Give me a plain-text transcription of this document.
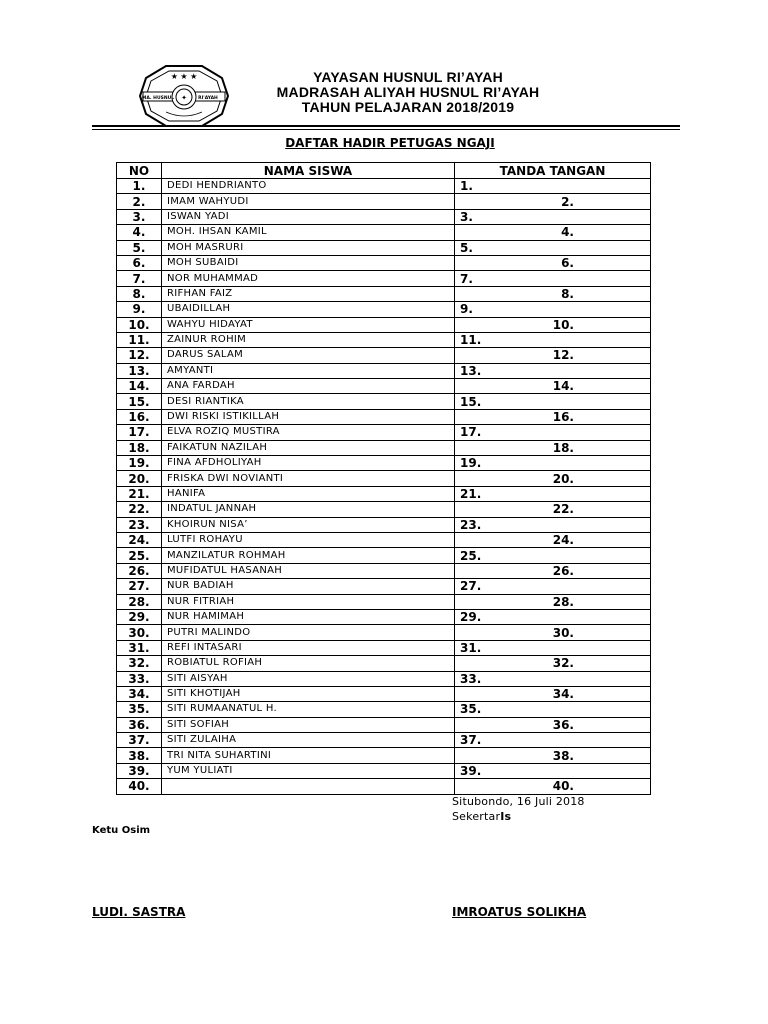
★ ★ ★
✦
MA. HUSNUL	RI'AYAH
YAYASAN HUSNUL RI’AYAH
MADRASAH ALIYAH HUSNUL RI’AYAH
TAHUN PELAJARAN 2018/2019
DAFTAR HADIR PETUGAS NGAJI
NO	NAMA SISWA	TANDA TANGAN
1.	DEDI HENDRIANTO	1.
2.	IMAM WAHYUDI	2.
3.	ISWAN YADI	3.
4.	MOH. IHSAN KAMIL	4.
5.	MOH MASRURI	5.
6.	MOH SUBAIDI	6.
7.	NOR MUHAMMAD	7.
8.	RIFHAN FAIZ	8.
9.	UBAIDILLAH	9.
10.	WAHYU HIDAYAT	10.
11.	ZAINUR ROHIM	11.
12.	DARUS SALAM	12.
13.	AMYANTI	13.
14.	ANA FARDAH	14.
15.	DESI RIANTIKA	15.
16.	DWI RISKI ISTIKILLAH	16.
17.	ELVA ROZIQ MUSTIRA	17.
18.	FAIKATUN NAZILAH	18.
19.	FINA AFDHOLIYAH	19.
20.	FRISKA DWI NOVIANTI	20.
21.	HANIFA	21.
22.	INDATUL JANNAH	22.
23.	KHOIRUN NISA’	23.
24.	LUTFI ROHAYU	24.
25.	MANZILATUR ROHMAH	25.
26.	MUFIDATUL HASANAH	26.
27.	NUR BADIAH	27.
28.	NUR FITRIAH	28.
29.	NUR HAMIMAH	29.
30.	PUTRI MALINDO	30.
31.	REFI INTASARI	31.
32.	ROBIATUL ROFIAH	32.
33.	SITI AISYAH	33.
34.	SITI KHOTIJAH	34.
35.	SITI RUMAANATUL H.	35.
36.	SITI SOFIAH	36.
37.	SITI ZULAIHA	37.
38.	TRI NITA SUHARTINI	38.
39.	YUM YULIATI	39.
40.		40.
Situbondo, 16 Juli 2018
SekertarIs
Ketu Osim
LUDI. SASTRA	IMROATUS SOLIKHA
